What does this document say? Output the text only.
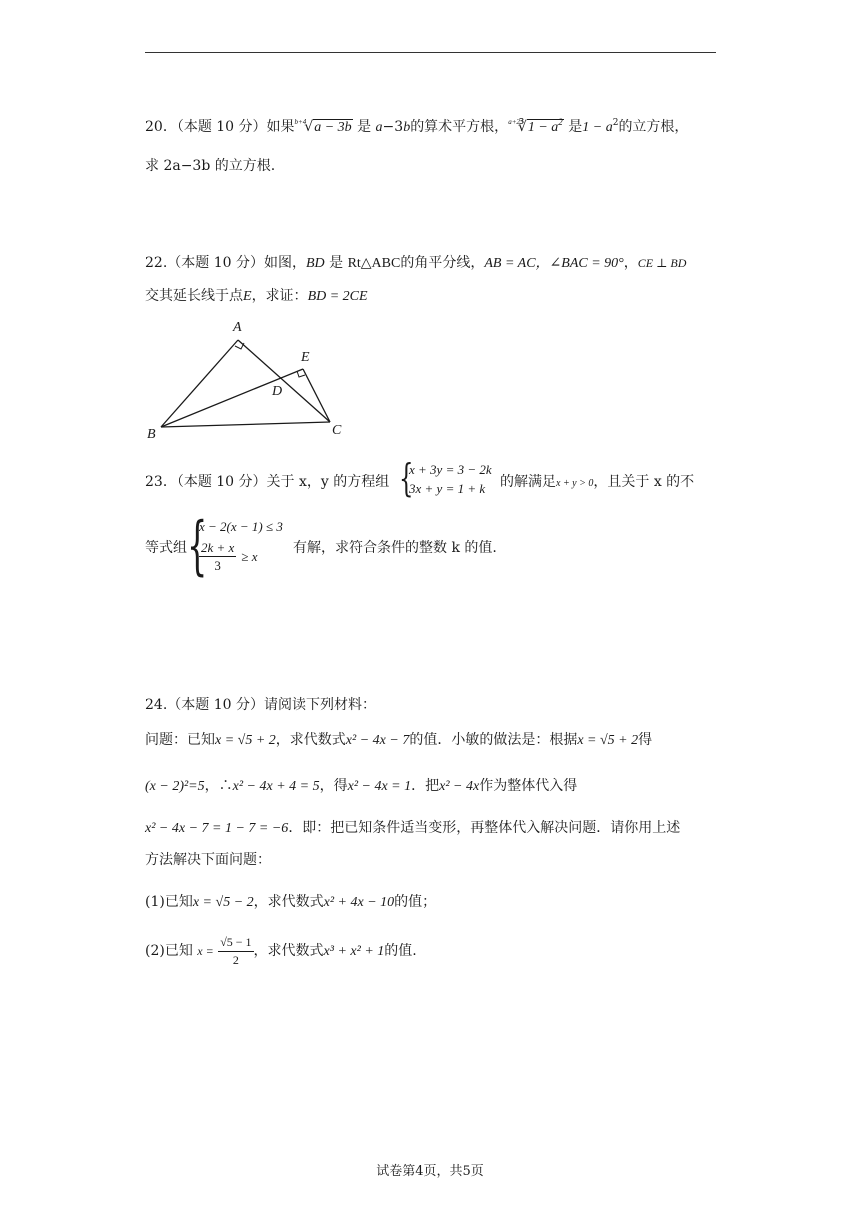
20．（本题 10 分）如果$^{b+4}$√a − 3b 是 a−3b的算术平方根，$^{a+2}$∛1 − $a^2$ 是$1 - a^2$的立方根，
求 2a−3b 的立方根.
22.（本题 10 分）如图，BD 是 Rt△ABC的角平分线，AB = AC，∠BAC = 90°，CE ⊥ BD
交其延长线于点E，求证：BD = 2CE
A
B	C
D
E
23．（本题 10 分）关于 x，y 的方程组 {
x + 3y = 3 − 2k
3x + y = 1 + k	的解满足x + y > 0，且关于 x 的不
等式组 {
x − 2(x − 1) ≤ 3
$\frac{2k + x}{3} \ge x$
有解，求符合条件的整数 k 的值.
24.（本题 10 分）请阅读下列材料：
问题：已知x = √5 + 2，求代数式x² − 4x − 7的值．小敏的做法是：根据x = √5 + 2得
(x − 2)²=5，∴x² − 4x + 4 = 5，得x² − 4x = 1．把x² − 4x作为整体代入得
x² − 4x − 7 = 1 − 7 = −6．即：把已知条件适当变形，再整体代入解决问题．请你用上述
方法解决下面问题：
(1)已知x = √5 − 2，求代数式x² + 4x − 10的值；
(2)已知 $x = \frac{√5 - 1}{2}$ ，求代数式x³ + x² + 1的值.
试卷第4页，共5页
